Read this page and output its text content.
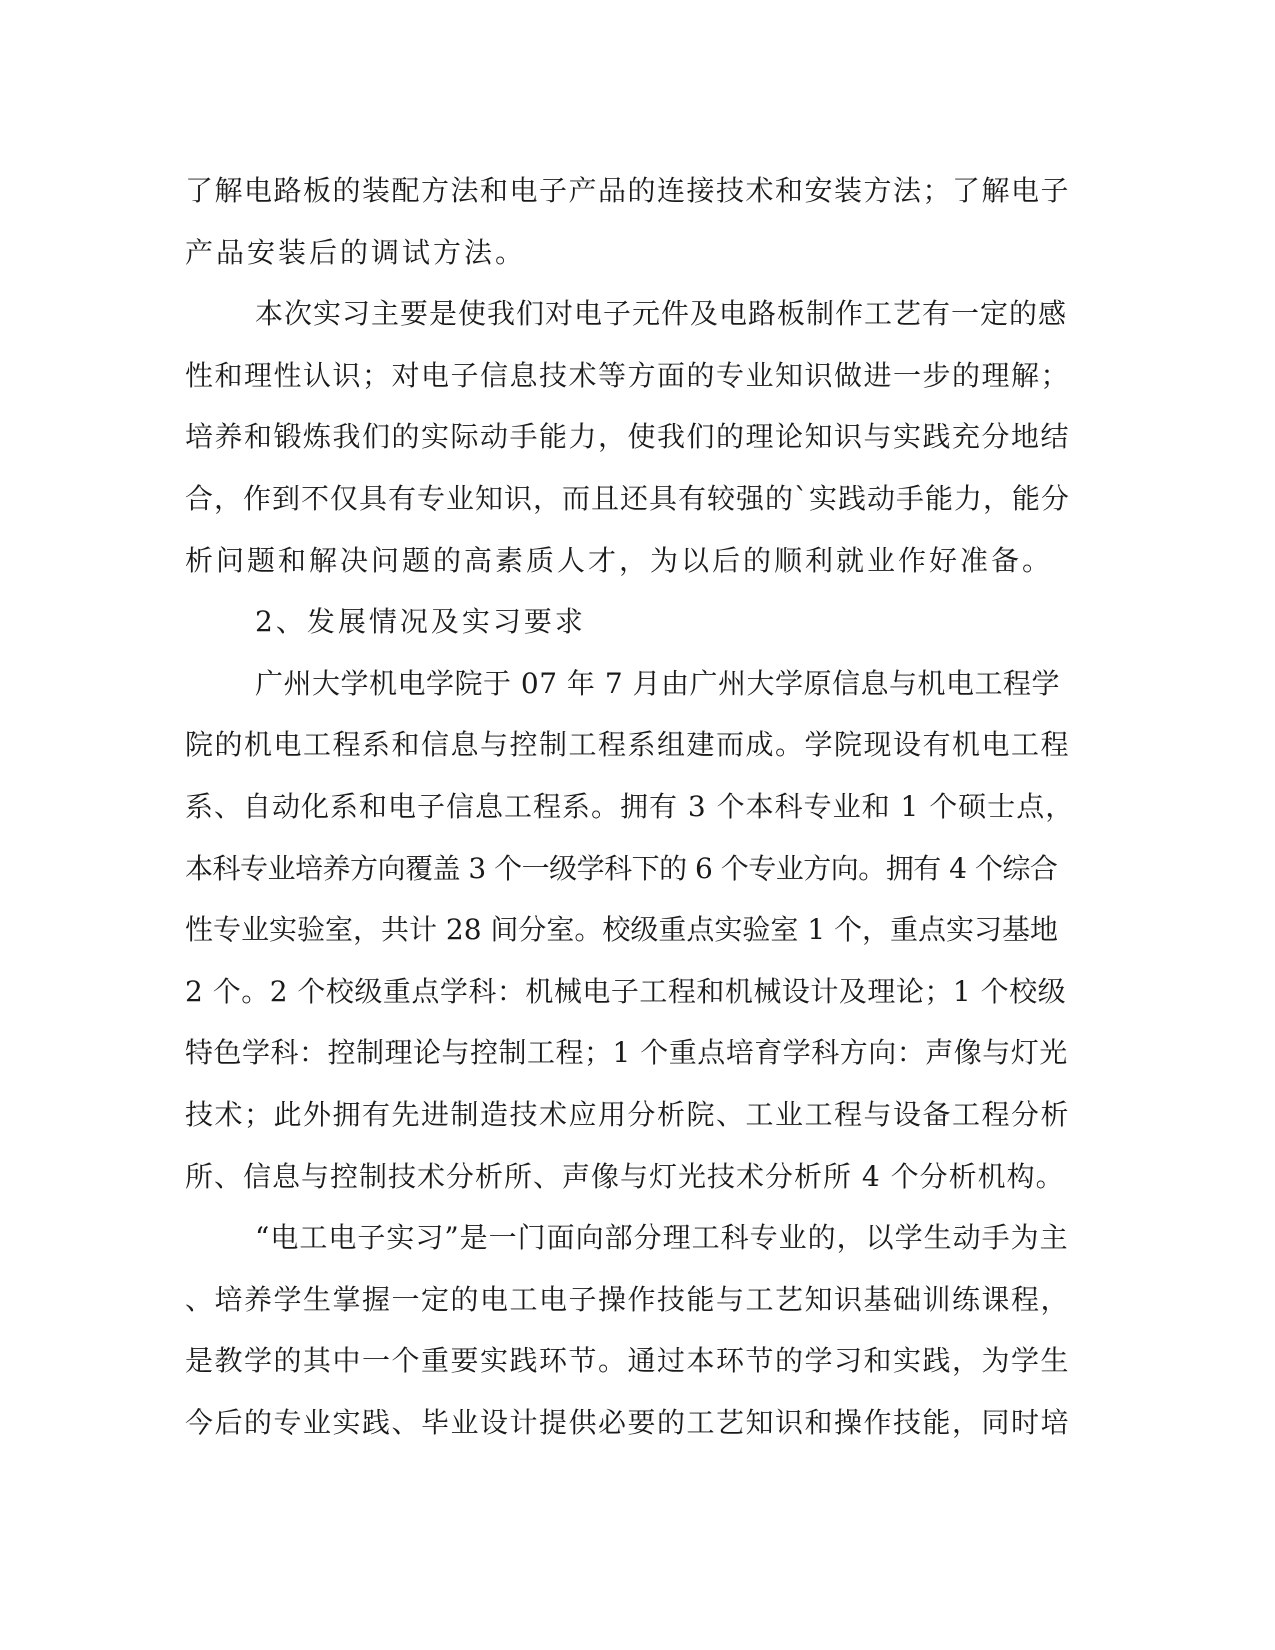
了解电路板的装配方法和电子产品的连接技术和安装方法；了解电子
产品安装后的调试方法。
本次实习主要是使我们对电子元件及电路板制作工艺有一定的感
性和理性认识；对电子信息技术等方面的专业知识做进一步的理解；
培养和锻炼我们的实际动手能力，使我们的理论知识与实践充分地结
合，作到不仅具有专业知识，而且还具有较强的`实践动手能力，能分
析问题和解决问题的高素质人才，为以后的顺利就业作好准备。
2、发展情况及实习要求
广州大学机电学院于 07 年 7 月由广州大学原信息与机电工程学
院的机电工程系和信息与控制工程系组建而成。学院现设有机电工程
系、自动化系和电子信息工程系。拥有 3 个本科专业和 1 个硕士点，
本科专业培养方向覆盖 3 个一级学科下的 6 个专业方向。拥有 4 个综合
性专业实验室，共计 28 间分室。校级重点实验室 1 个，重点实习基地
2 个。2 个校级重点学科：机械电子工程和机械设计及理论；1 个校级
特色学科：控制理论与控制工程；1 个重点培育学科方向：声像与灯光
技术；此外拥有先进制造技术应用分析院、工业工程与设备工程分析
所、信息与控制技术分析所、声像与灯光技术分析所 4 个分析机构。
“电工电子实习”是一门面向部分理工科专业的，以学生动手为主
、培养学生掌握一定的电工电子操作技能与工艺知识基础训练课程，
是教学的其中一个重要实践环节。通过本环节的学习和实践，为学生
今后的专业实践、毕业设计提供必要的工艺知识和操作技能，同时培
